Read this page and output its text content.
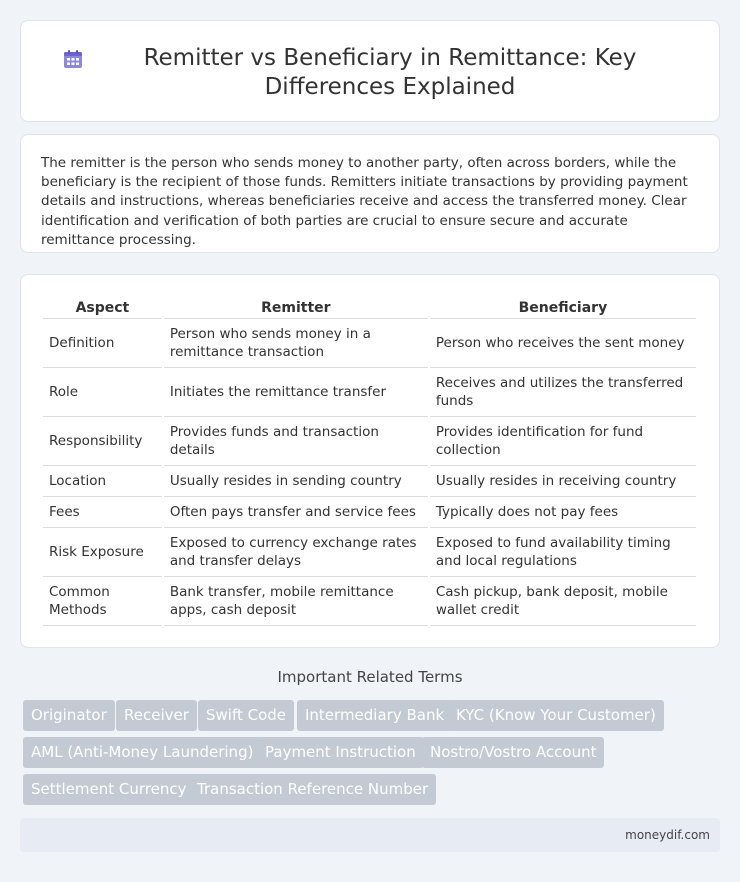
Remitter vs Beneficiary in Remittance: Key Differences Explained

The remitter is the person who sends money to another party, often across borders, while the beneficiary is the recipient of those funds. Remitters initiate transactions by providing payment details and instructions, whereas beneficiaries receive and access the transferred money. Clear identification and verification of both parties are crucial to ensure secure and accurate remittance processing.

Aspect	Remitter	Beneficiary
Definition	Person who sends money in a remittance transaction	Person who receives the sent money
Role	Initiates the remittance transfer	Receives and utilizes the transferred funds
Responsibility	Provides funds and transaction details	Provides identification for fund collection
Location	Usually resides in sending country	Usually resides in receiving country
Fees	Often pays transfer and service fees	Typically does not pay fees
Risk Exposure	Exposed to currency exchange rates and transfer delays	Exposed to fund availability timing and local regulations
Common Methods	Bank transfer, mobile remittance apps, cash deposit	Cash pickup, bank deposit, mobile wallet credit
Important Related Terms
Originator	Receiver	Swift Code	Intermediary Bank KYC (Know Your Customer)
AML (Anti-Money Laundering) Payment Instruction Nostro/Vostro Account
Settlement Currency Transaction Reference Number
moneydif.com
